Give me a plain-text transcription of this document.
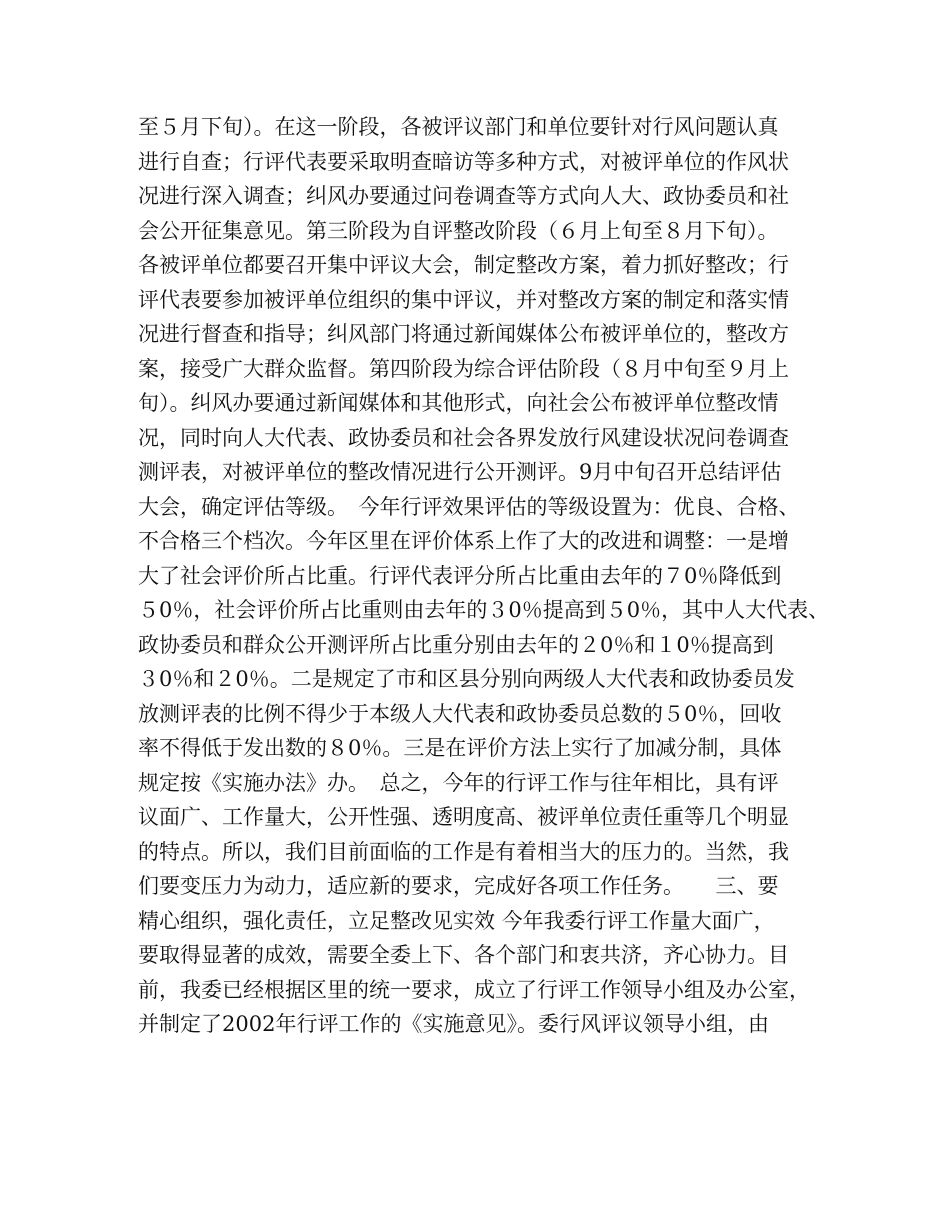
至５月下旬）。在这一阶段，各被评议部门和单位要针对行风问题认真
进行自查；行评代表要采取明查暗访等多种方式，对被评单位的作风状
况进行深入调查；纠风办要通过问卷调查等方式向人大、政协委员和社
会公开征集意见。第三阶段为自评整改阶段（６月上旬至８月下旬）。
各被评单位都要召开集中评议大会，制定整改方案，着力抓好整改；行
评代表要参加被评单位组织的集中评议，并对整改方案的制定和落实情
况进行督查和指导；纠风部门将通过新闻媒体公布被评单位的，整改方
案，接受广大群众监督。第四阶段为综合评估阶段（８月中旬至９月上
旬）。纠风办要通过新闻媒体和其他形式，向社会公布被评单位整改情
况，同时向人大代表、政协委员和社会各界发放行风建设状况问卷调查
测评表，对被评单位的整改情况进行公开测评。9月中旬召开总结评估
大会，确定评估等级。　今年行评效果评估的等级设置为：优良、合格、
不合格三个档次。今年区里在评价体系上作了大的改进和调整：一是增
大了社会评价所占比重。行评代表评分所占比重由去年的７0％降低到
５0％，社会评价所占比重则由去年的３0％提高到５0％，其中人大代表、
政协委员和群众公开测评所占比重分别由去年的２0％和１0％提高到
３0％和２0％。二是规定了市和区县分别向两级人大代表和政协委员发
放测评表的比例不得少于本级人大代表和政协委员总数的５0％，回收
率不得低于发出数的８0％。三是在评价方法上实行了加减分制，具体
规定按《实施办法》办。　总之，今年的行评工作与往年相比，具有评
议面广、工作量大，公开性强、透明度高、被评单位责任重等几个明显
的特点。所以，我们目前面临的工作是有着相当大的压力的。当然，我
们要变压力为动力，适应新的要求，完成好各项工作任务。　　三、要
精心组织，强化责任，立足整改见实效 今年我委行评工作量大面广，
要取得显著的成效，需要全委上下、各个部门和衷共济，齐心协力。目
前，我委已经根据区里的统一要求，成立了行评工作领导小组及办公室，
并制定了2002年行评工作的《实施意见》。委行风评议领导小组，由
